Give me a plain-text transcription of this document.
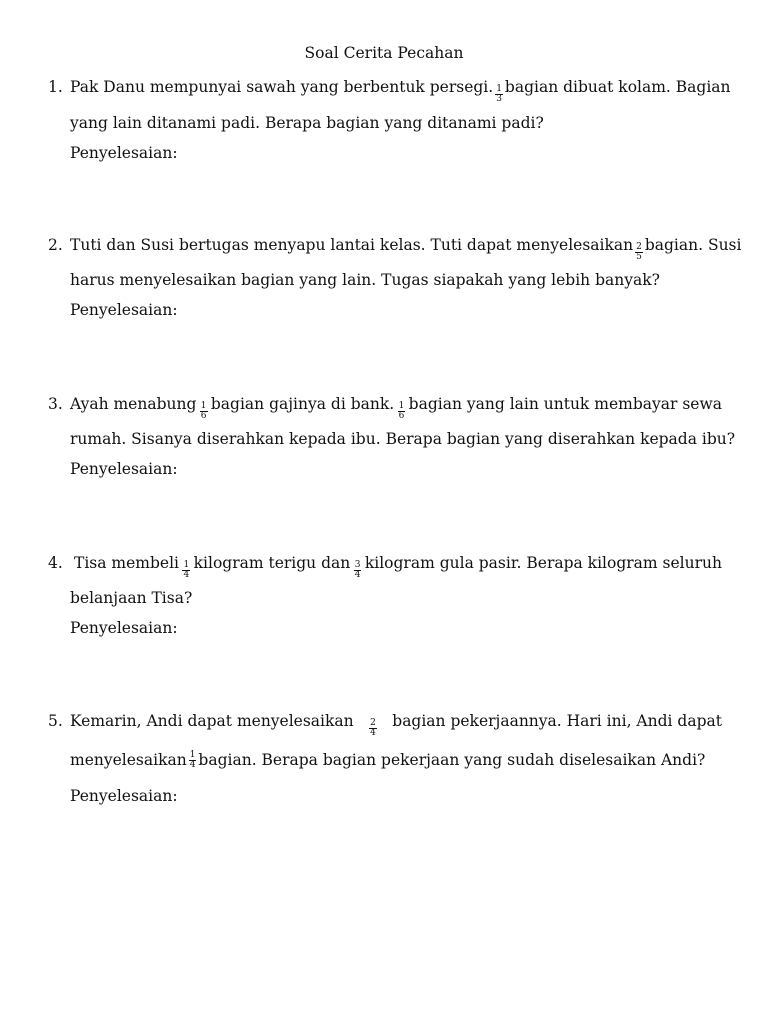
Soal Cerita Pecahan
1. Pak Danu mempunyai sawah yang berbentuk persegi. $\frac{1}{3}$ bagian dibuat kolam. Bagian
yang lain ditanami padi. Berapa bagian yang ditanami padi?
Penyelesaian:
2. Tuti dan Susi bertugas menyapu lantai kelas. Tuti dapat menyelesaikan $\frac{2}{5}$ bagian. Susi
harus menyelesaikan bagian yang lain. Tugas siapakah yang lebih banyak?
Penyelesaian:
3. Ayah menabung $\frac{1}{6}$ bagian gajinya di bank. $\frac{1}{6}$ bagian yang lain untuk membayar sewa
rumah. Sisanya diserahkan kepada ibu. Berapa bagian yang diserahkan kepada ibu?
Penyelesaian:
4. Tisa membeli $\frac{1}{4}$ kilogram terigu dan $\frac{3}{4}$ kilogram gula pasir. Berapa kilogram seluruh
belanjaan Tisa?
Penyelesaian:
5. Kemarin, Andi dapat menyelesaikan $\frac{2}{4}$ bagian pekerjaannya. Hari ini, Andi dapat
menyelesaikan $\frac{1}{4}$ bagian. Berapa bagian pekerjaan yang sudah diselesaikan Andi?
Penyelesaian:
